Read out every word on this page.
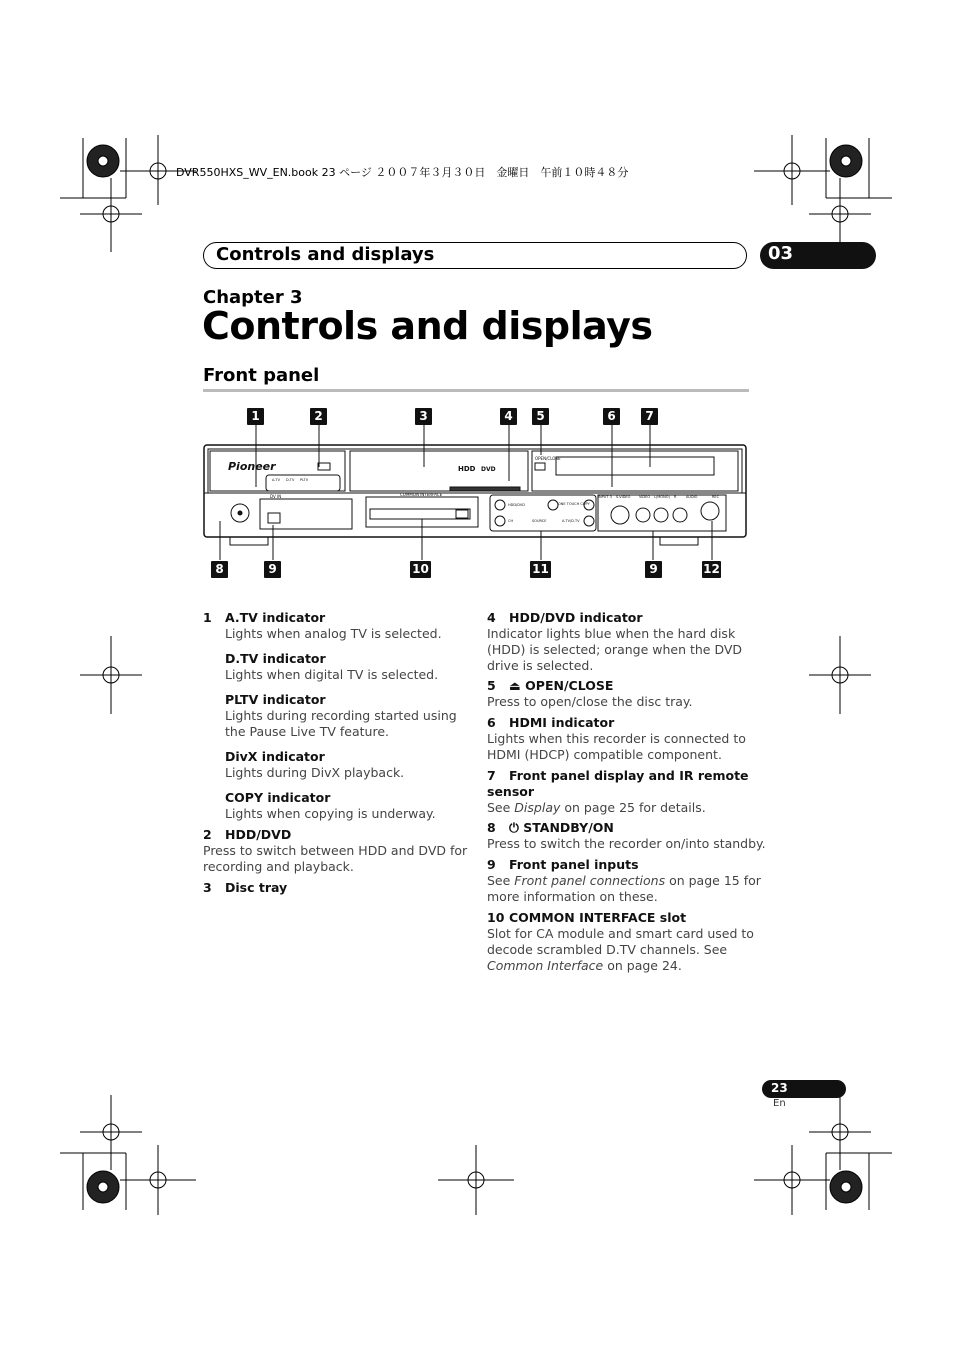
DVR550HXS_WV_EN.book 23 ページ ２００７年３月３０日　金曜日　午前１０時４８分
Controls and displays	03
Chapter 3
Controls and displays
Front panel
1	2	3	4	5	6	7
Pioneer	HDD DVD
OPEN/CLOSE
COMMON INTERFACE
DV IN
A.TV D.TV PLTV
INPUT 3 S-VIDEO VIDEO L(MONO) R	AUDIO	REC
HDD/DVD	ONE TOUCH COPY
CH	A.TV/D.TV
SOURCE
8	9	10	11	9	12
1 A.TV indicator
Lights when analog TV is selected.
D.TV indicator
Lights when digital TV is selected.
PLTV indicator
Lights during recording started using
the Pause Live TV feature.
DivX indicator
Lights during DivX playback.
COPY indicator
Lights when copying is underway.
2 HDD/DVD
Press to switch between HDD and DVD for
recording and playback.
3 Disc tray
4 HDD/DVD indicator
Indicator lights blue when the hard disk
(HDD) is selected; orange when the DVD
drive is selected.
5 ⏏ OPEN/CLOSE
Press to open/close the disc tray.
6 HDMI indicator
Lights when this recorder is connected to
HDMI (HDCP) compatible component.
7 Front panel display and IR remote
sensor
See Display on page 25 for details.
8 ⏻ STANDBY/ON
Press to switch the recorder on/into standby.
9 Front panel inputs
See Front panel connections on page 15 for
more information on these.
10 COMMON INTERFACE slot
Slot for CA module and smart card used to
decode scrambled D.TV channels. See
Common Interface on page 24.
23
En
